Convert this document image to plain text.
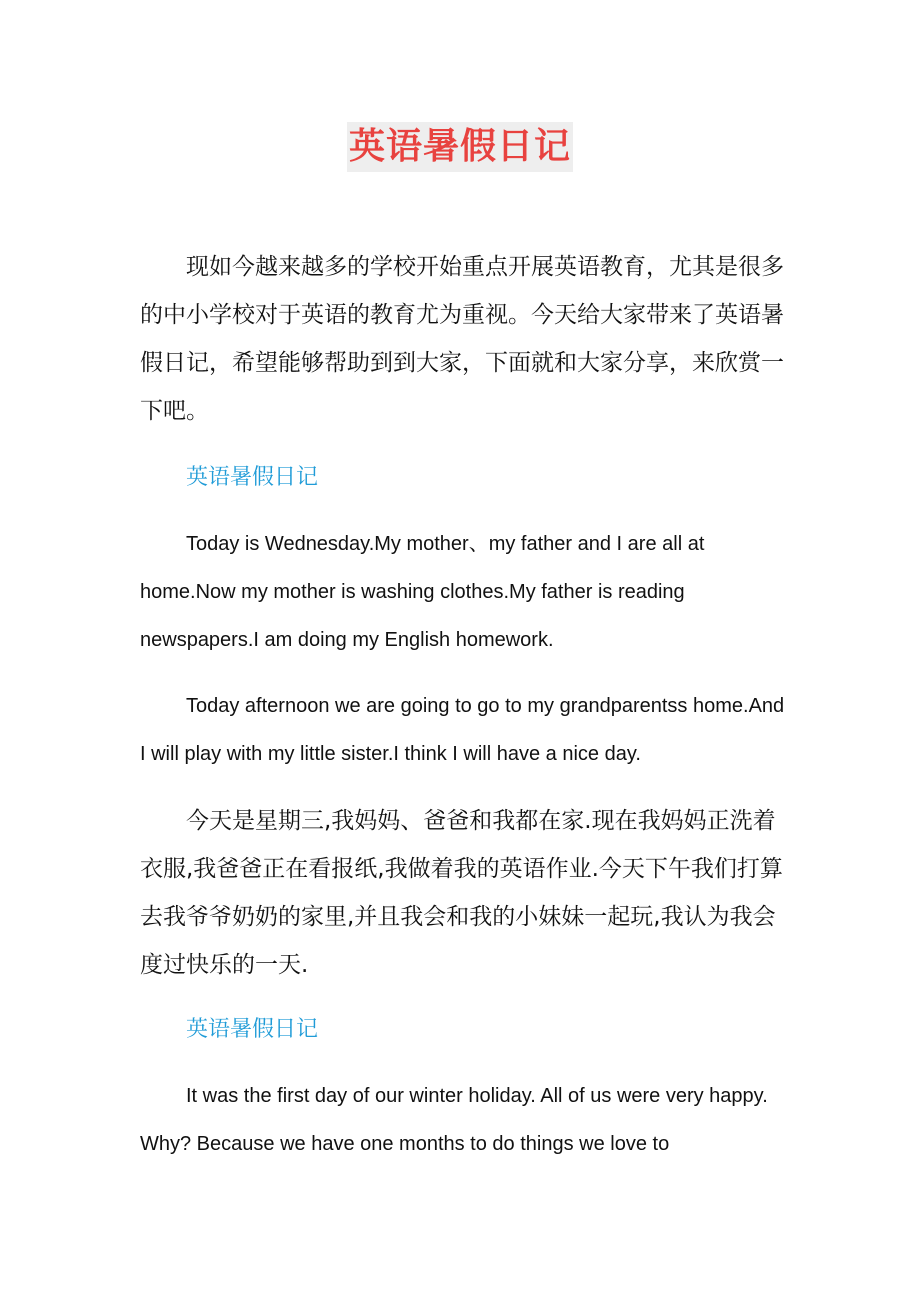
英语暑假日记

现如今越来越多的学校开始重点开展英语教育，尤其是很多的中小学校对于英语的教育尤为重视。今天给大家带来了英语暑假日记，希望能够帮助到到大家，下面就和大家分享，来欣赏一下吧。

英语暑假日记

Today is Wednesday.My mother、my father and I are all at home.Now my mother is washing clothes.My father is reading newspapers.I am doing my English homework.

Today afternoon we are going to go to my grandparentss home.And I will play with my little sister.I think I will have a nice day.

今天是星期三,我妈妈、爸爸和我都在家.现在我妈妈正洗着衣服,我爸爸正在看报纸,我做着我的英语作业.今天下午我们打算去我爷爷奶奶的家里,并且我会和我的小妹妹一起玩,我认为我会度过快乐的一天.

英语暑假日记

It was the first day of our winter holiday. All of us were very happy. Why? Because we have one months to do things we love to
